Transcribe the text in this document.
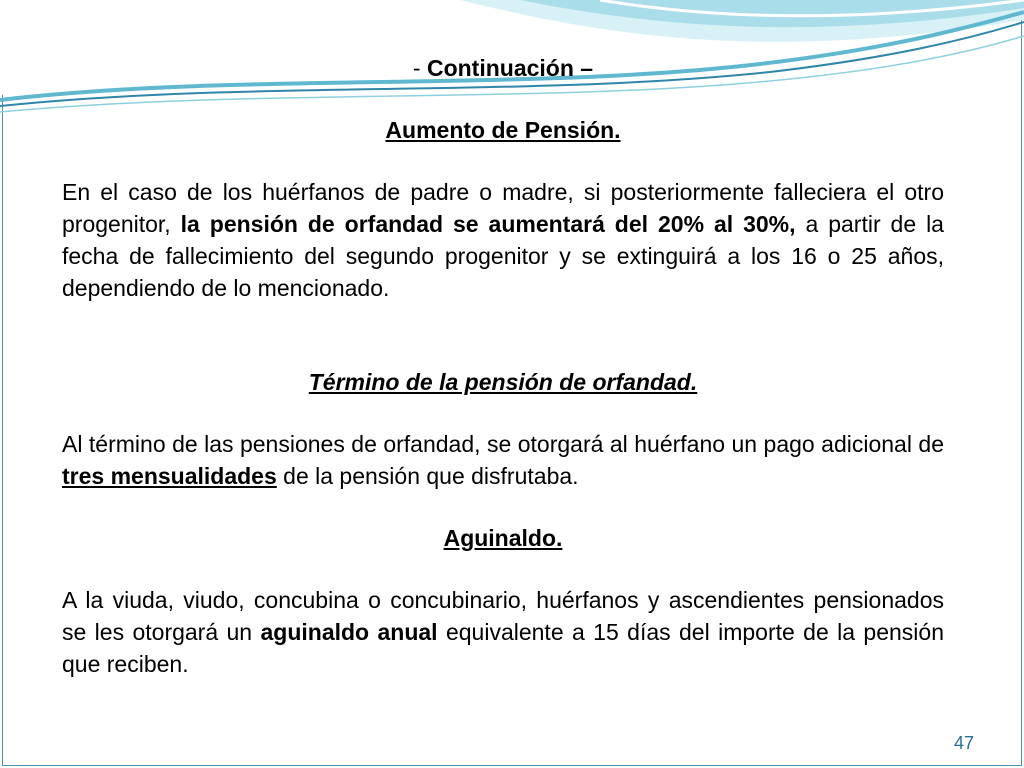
- Continuación –

Aumento de Pensión.

En el caso de los huérfanos de padre o madre, si posteriormente falleciera el otro progenitor, la pensión de orfandad se aumentará del 20% al 30%, a partir de la fecha de fallecimiento del segundo progenitor y se extinguirá a los 16 o 25 años, dependiendo de lo mencionado.

Término de la pensión de orfandad.

Al término de las pensiones de orfandad, se otorgará al huérfano un pago adicional de tres mensualidades de la pensión que disfrutaba.

Aguinaldo.

A la viuda, viudo, concubina o concubinario, huérfanos y ascendientes pensionados se les otorgará un aguinaldo anual equivalente a 15 días del importe de la pensión que reciben.

47
